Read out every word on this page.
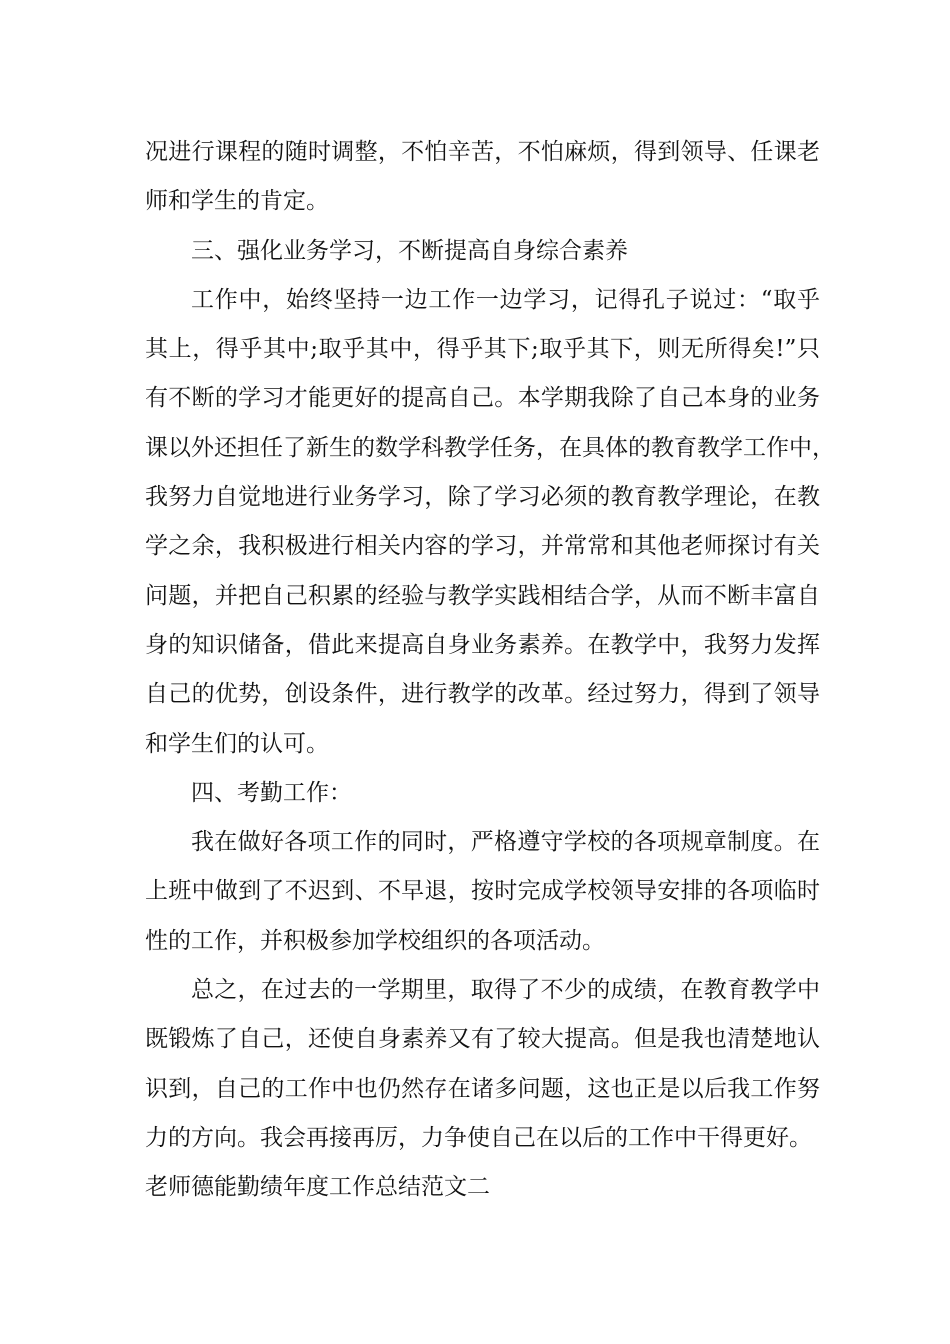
况进行课程的随时调整，不怕辛苦，不怕麻烦，得到领导、任课老
师和学生的肯定。
三、强化业务学习，不断提高自身综合素养
工作中，始终坚持一边工作一边学习，记得孔子说过：“取乎
其上，得乎其中;取乎其中，得乎其下;取乎其下，则无所得矣!”只
有不断的学习才能更好的提高自己。本学期我除了自己本身的业务
课以外还担任了新生的数学科教学任务，在具体的教育教学工作中，
我努力自觉地进行业务学习，除了学习必须的教育教学理论，在教
学之余，我积极进行相关内容的学习，并常常和其他老师探讨有关
问题，并把自己积累的经验与教学实践相结合学，从而不断丰富自
身的知识储备，借此来提高自身业务素养。在教学中，我努力发挥
自己的优势，创设条件，进行教学的改革。经过努力，得到了领导
和学生们的认可。
四、考勤工作：
我在做好各项工作的同时，严格遵守学校的各项规章制度。在
上班中做到了不迟到、不早退，按时完成学校领导安排的各项临时
性的工作，并积极参加学校组织的各项活动。
总之，在过去的一学期里，取得了不少的成绩，在教育教学中
既锻炼了自己，还使自身素养又有了较大提高。但是我也清楚地认
识到，自己的工作中也仍然存在诸多问题，这也正是以后我工作努
力的方向。我会再接再厉，力争使自己在以后的工作中干得更好。
老师德能勤绩年度工作总结范文二
